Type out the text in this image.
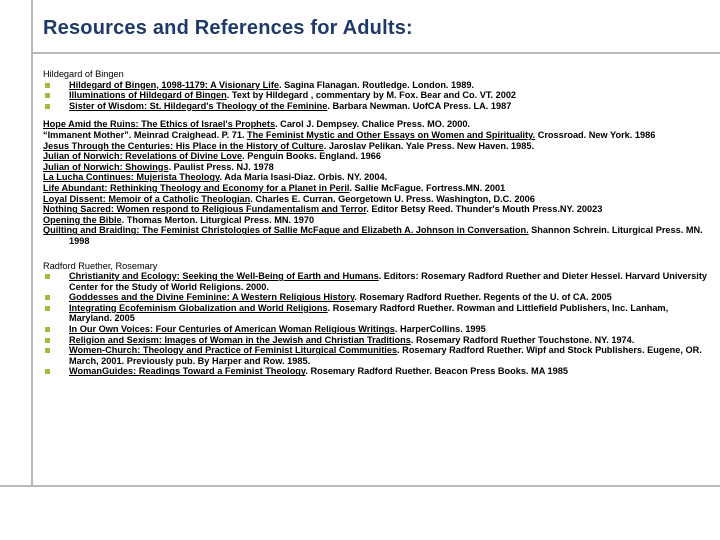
Resources and References for Adults:

Hildegard of Bingen

Hildegard of Bingen, 1098-1179: A Visionary Life. Sagina Flanagan. Routledge. London. 1989.

Illuminations of Hildegard of Bingen. Text by Hildegard , commentary by M. Fox. Bear and Co. VT. 2002

Sister of Wisdom: St. Hildegard's Theology of the Feminine. Barbara Newman. UofCA Press. LA. 1987

Hope Amid the Ruins: The Ethics of Israel's Prophets. Carol J. Dempsey. Chalice Press. MO. 2000.

“Immanent Mother”. Meinrad Craighead. P. 71. The Feminist Mystic and Other Essays on Women and Spirituality. Crossroad. New York. 1986

Jesus Through the Centuries: His Place in the History of Culture. Jaroslav Pelikan. Yale Press. New Haven. 1985.

Julian of Norwich: Revelations of Divine Love. Penguin Books. England. 1966

Julian of Norwich: Showings. Paulist Press. NJ. 1978

La Lucha Continues: Mujerista Theology. Ada Maria Isasi-Diaz. Orbis. NY. 2004.

Life Abundant: Rethinking Theology and Economy for a Planet in Peril. Sallie McFague. Fortress.MN. 2001

Loyal Dissent: Memoir of a Catholic Theologian. Charles E. Curran. Georgetown U. Press. Washington, D.C. 2006

Nothing Sacred: Women respond to Religious Fundamentalism and Terror. Editor Betsy Reed. Thunder's Mouth Press.NY. 20023

Opening the Bible. Thomas Merton. Liturgical Press. MN. 1970

Quilting and Braiding: The Feminist Christologies of Sallie McFague and Elizabeth A. Johnson in Conversation. Shannon Schrein. Liturgical Press. MN. 1998

Radford Ruether, Rosemary

Christianity and Ecology: Seeking the Well-Being of Earth and Humans. Editors: Rosemary Radford Ruether and Dieter Hessel. Harvard University Center for the Study of World Religions. 2000.

Goddesses and the Divine Feminine: A Western Religious History. Rosemary Radford Ruether. Regents of the U. of CA. 2005

Integrating Ecofeminism Globalization and World Religions. Rosemary Radford Ruether. Rowman and Littlefield Publishers, Inc. Lanham, Maryland. 2005

In Our Own Voices: Four Centuries of American Woman Religious Writings. HarperCollins. 1995

Religion and Sexism: Images of Woman in the Jewish and Christian Traditions. Rosemary Radford Ruether Touchstone. NY. 1974.

Women-Church: Theology and Practice of Feminist Liturgical Communities. Rosemary Radford Ruether. Wipf and Stock Publishers. Eugene, OR. March, 2001. Previously pub. By Harper and Row. 1985.

WomanGuides: Readings Toward a Feminist Theology. Rosemary Radford Ruether. Beacon Press Books. MA 1985
